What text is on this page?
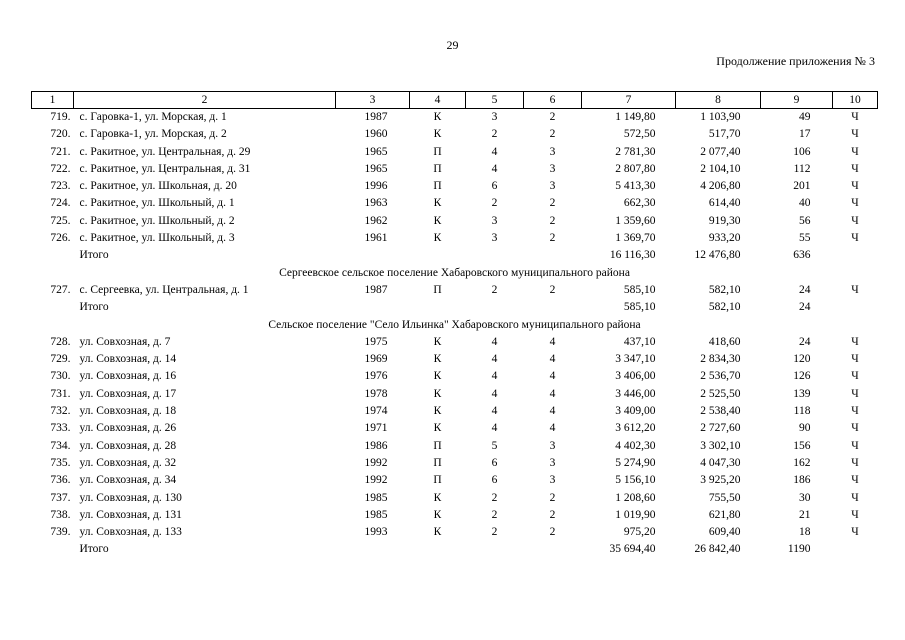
29
Продолжение приложения № 3
1	2	3	4	5	6	7	8	9	10
719.	с. Гаровка-1, ул. Морская, д. 1	1987	К	3	2	1 149,80	1 103,90	49	Ч
720.	с. Гаровка-1, ул. Морская, д. 2	1960	К	2	2	572,50	517,70	17	Ч
721.	с. Ракитное, ул. Центральная, д. 29	1965	П	4	3	2 781,30	2 077,40	106	Ч
722.	с. Ракитное, ул. Центральная, д. 31	1965	П	4	3	2 807,80	2 104,10	112	Ч
723.	с. Ракитное, ул. Школьная, д. 20	1996	П	6	3	5 413,30	4 206,80	201	Ч
724.	с. Ракитное, ул. Школьный, д. 1	1963	К	2	2	662,30	614,40	40	Ч
725.	с. Ракитное, ул. Школьный, д. 2	1962	К	3	2	1 359,60	919,30	56	Ч
726.	с. Ракитное, ул. Школьный, д. 3	1961	К	3	2	1 369,70	933,20	55	Ч
	Итого					16 116,30	12 476,80	636	
Сергеевское сельское поселение Хабаровского муниципального района									
727.	с. Сергеевка, ул. Центральная, д. 1	1987	П	2	2	585,10	582,10	24	Ч
	Итого					585,10	582,10	24	
Сельское поселение "Село Ильинка" Хабаровского муниципального района									
728.	ул. Совхозная, д. 7	1975	К	4	4	437,10	418,60	24	Ч
729.	ул. Совхозная, д. 14	1969	К	4	4	3 347,10	2 834,30	120	Ч
730.	ул. Совхозная, д. 16	1976	К	4	4	3 406,00	2 536,70	126	Ч
731.	ул. Совхозная, д. 17	1978	К	4	4	3 446,00	2 525,50	139	Ч
732.	ул. Совхозная, д. 18	1974	К	4	4	3 409,00	2 538,40	118	Ч
733.	ул. Совхозная, д. 26	1971	К	4	4	3 612,20	2 727,60	90	Ч
734.	ул. Совхозная, д. 28	1986	П	5	3	4 402,30	3 302,10	156	Ч
735.	ул. Совхозная, д. 32	1992	П	6	3	5 274,90	4 047,30	162	Ч
736.	ул. Совхозная, д. 34	1992	П	6	3	5 156,10	3 925,20	186	Ч
737.	ул. Совхозная, д. 130	1985	К	2	2	1 208,60	755,50	30	Ч
738.	ул. Совхозная, д. 131	1985	К	2	2	1 019,90	621,80	21	Ч
739.	ул. Совхозная, д. 133	1993	К	2	2	975,20	609,40	18	Ч
	Итого					35 694,40	26 842,40	1190	
